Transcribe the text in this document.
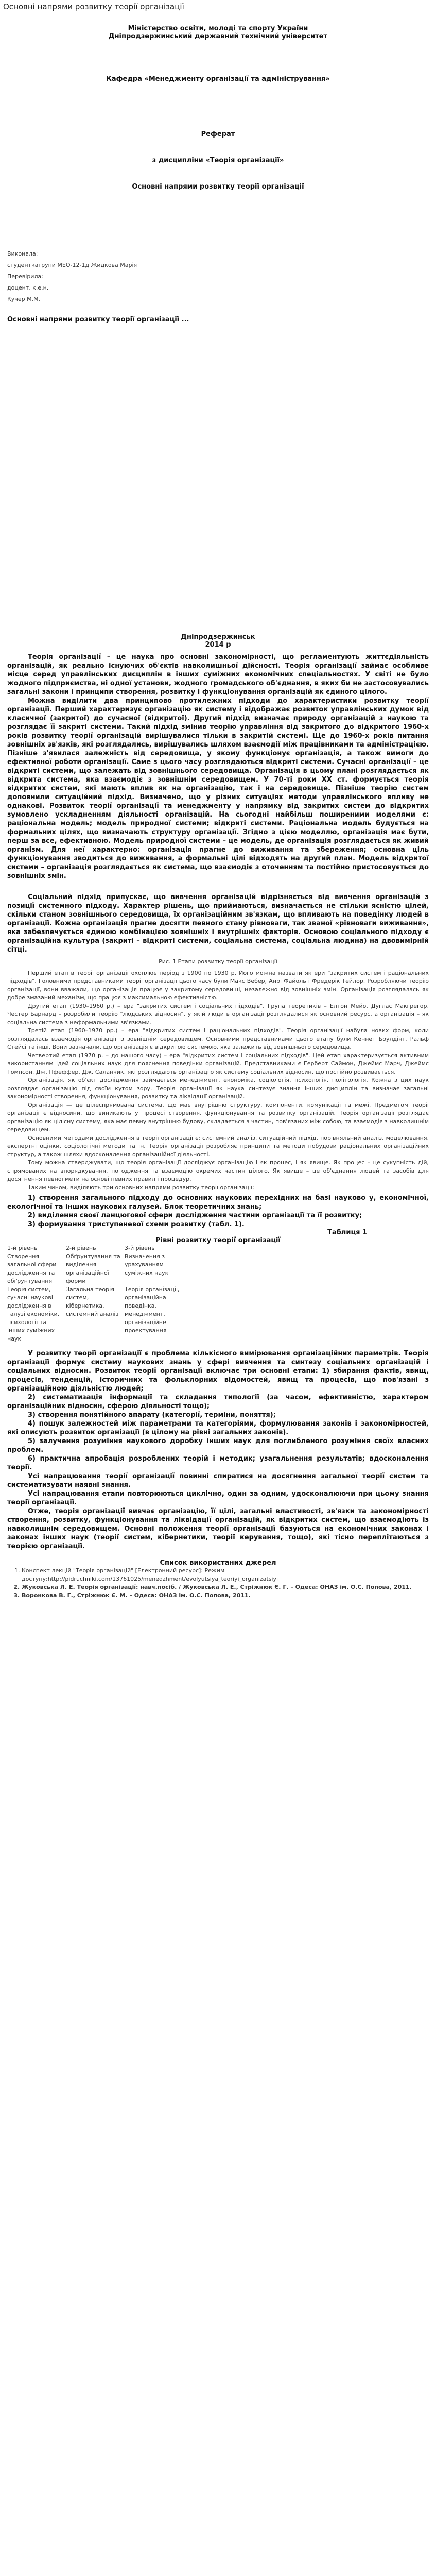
Основні напрями розвитку теорії організації

Міністерство освіти, молоді та спорту України

Дніпродзержинський державний технічний університет

Кафедра «Менеджменту організації та адміністрування»

Реферат

з дисципліни «Теорія організації»

Основні напрями розвитку теорії організації

Виконала:

студенткагрупи МЕО-12-1д Жидкова Марія

Перевірила:

доцент, к.е.н.

Кучер М.М.

Основні напрями розвитку теорії організації ...

Дніпродзержинськ

2014 р

Теорія організації – це наука про основні закономірності, що регламентують життєдіяльність організацій, як реально існуючих об'єктів навколишньої дійсності. Теорія організації займає особливе місце серед управлінських дисциплін в інших суміжних економічних спеціальностях. У світі не було жодного підприємства, ні одної установи, жодного громадського об'єднання, в яких би не застосовувались загальні закони і принципи створення, розвитку і функціонування організацій як єдиного цілого.

Можна виділити два принципово протилежних підходи до характеристики розвитку теорії організації. Перший характеризує організацію як систему і відображає розвиток управлінських думок від класичної (закритої) до сучасної (відкритої). Другий підхід визначає природу організацій з наукою та розглядає її закриті системи. Такий підхід змінив теорію управління від закритого до відкритого 1960-х років розвитку теорії організацій вирішувалися тільки в закритій системі. Ще до 1960-х років питання зовнішніх зв'язків, які розглядались, вирішувались шляхом взаємодії між працівниками та адміністрацією. Пізніше з'явилася залежність від середовища, у якому функціонує організація, а також вимоги до ефективної роботи організації. Саме з цього часу розглядаються відкриті системи. Сучасні організації – це відкриті системи, що залежать від зовнішнього середовища. Організація в цьому плані розглядається як відкрита система, яка взаємодіє з зовнішнім середовищем. У 70-ті роки XX ст. формується теорія відкритих систем, які мають вплив як на організацію, так і на середовище. Пізніше теорію систем доповнили ситуаційний підхід. Визначено, що у різних ситуаціях методи управлінського впливу не однакові. Розвиток теорії організації та менеджменту у напрямку від закритих систем до відкритих зумовлено ускладненням діяльності організацій. На сьогодні найбільш поширеними моделями є: раціональна модель; модель природної системи; відкриті системи. Раціональна модель будується на формальних цілях, що визначають структуру організації. Згідно з цією моделлю, організація має бути, перш за все, ефективною. Модель природної системи – це модель, де організація розглядається як живий організм. Для неї характерно: організація прагне до виживання та збереження; основна ціль функціонування зводиться до виживання, а формальні цілі відходять на другий план. Модель відкритої системи – організація розглядається як система, що взаємодіє з оточенням та постійно пристосовується до зовнішніх змін.

Соціальний підхід припускає, що вивчення організацій відрізняється від вивчення організацій з позиції системного підходу. Характер рішень, що приймаються, визначається не стільки ясністю цілей, скільки станом зовнішнього середовища, їх організаційним зв'язкам, що впливають на поведінку людей в організації. Кожна організація прагне досягти певного стану рівноваги, так званої «рівноваги виживання», яка забезпечується єдиною комбінацією зовнішніх і внутрішніх факторів. Основою соціального підходу є організаційна культура (закриті – відкриті системи, соціальна система, соціальна людина) на двовимірній сітці.

Рис. 1 Етапи розвитку теорії організації

Перший етап в теорії організації охоплює період з 1900 по 1930 р. Його можна назвати як ери "закритих систем і раціональних підходів". Головними представниками теорії організації цього часу були Макс Вебер, Анрі Файоль і Фредерік Тейлор. Розробляючи теорію організації, вони вважали, що організація працює у закритому середовищі, незалежно від зовнішніх змін. Організація розглядалась як добре змазаний механізм, що працює з максимальною ефективністю.

Другий етап (1930–1960 р.) – ера "закритих систем і соціальних підходів". Група теоретиків – Елтон Мейо, Дуглас Макгрегор, Честер Барнард – розробили теорію "людських відносин", у якій люди в організації розглядалися як основний ресурс, а організація – як соціальна система з неформальними зв'язками.

Третій етап (1960–1970 рр.) – ера "відкритих систем і раціональних підходів". Теорія організації набула нових форм, коли розглядалась взаємодія організації із зовнішнім середовищем. Основними представниками цього етапу були Кеннет Боулдінг, Ральф Стейсі та інші. Вони зазначали, що організація є відкритою системою, яка залежить від зовнішнього середовища.

Четвертий етап (1970 р. – до нашого часу) – ера "відкритих систем і соціальних підходів". Цей етап характеризується активним використанням ідей соціальних наук для пояснення поведінки організацій. Представниками є Герберт Саймон, Джеймс Марч, Джеймс Томпсон, Дж. Пфеффер, Дж. Саланчик, які розглядають організацію як систему соціальних відносин, що постійно розвивається.

Організація, як об'єкт дослідження займається менеджмент, економіка, соціологія, психологія, політологія. Кожна з цих наук розглядає організацію під своїм кутом зору. Теорія організації як наука синтезує знання інших дисциплін та визначає загальні закономірності створення, функціонування, розвитку та ліквідації організацій.

Організація — це цілеспрямована система, що має внутрішню структуру, компоненти, комунікації та межі. Предметом теорії організації є відносини, що виникають у процесі створення, функціонування та розвитку організацій. Теорія організації розглядає організацію як цілісну систему, яка має певну внутрішню будову, складається з частин, пов'язаних між собою, та взаємодіє з навколишнім середовищем.

Основними методами дослідження в теорії організації є: системний аналіз, ситуаційний підхід, порівняльний аналіз, моделювання, експертні оцінки, соціологічні методи та ін. Теорія організації розробляє принципи та методи побудови раціональних організаційних структур, а також шляхи вдосконалення організаційної діяльності.

Тому можна стверджувати, що теорія організації досліджує організацію і як процес, і як явище. Як процес – це сукупність дій, спрямованих на впорядкування, погодження та взаємодію окремих частин цілого. Як явище – це об'єднання людей та засобів для досягнення певної мети на основі певних правил і процедур.

Таким чином, виділяють три основних напрями розвитку теорії організації:

1) створення загального підходу до основних наукових перехідних на базі науково у, економічної, екологічної та інших наукових галузей. Блок теоретичних знань;

2) виділення своєї ланцюгової сфери дослідження частини організації та її розвитку;

3) формування триступеневої схеми розвитку (табл. 1).

Таблиця 1

Рівні розвитку теорії організації

1-й рівень	2-й рівень	3-й рівень
Створення загальної сфери дослідження та обґрунтування	Обґрунтування та виділення організаційної форми	Визначення з урахуванням суміжних наук
Теорія систем, сучасні наукові дослідження в галузі економіки, психології та інших суміжних наук	Загальна теорія систем, кібернетика, системний аналіз	Теорія організації, організаційна поведінка, менеджмент, організаційне проектування

У розвитку теорії організації є проблема кількісного вимірювання організаційних параметрів. Теорія організації формує систему наукових знань у сфері вивчення та синтезу соціальних організацій і соціальних відносин. Розвиток теорії організації включає три основні етапи: 1) збирання фактів, явищ, процесів, тенденцій, історичних та фольклорних відомостей, явищ та процесів, що пов'язані з організаційною діяльністю людей;

2) систематизація інформації та складання типології (за часом, ефективністю, характером організаційних відносин, сферою діяльності тощо);

3) створення понятійного апарату (категорії, терміни, поняття);

4) пошук залежностей між параметрами та категоріями, формулювання законів і закономірностей, які описують розвиток організації (в цілому на рівні загальних законів).

5) залучення розуміння наукового доробку інших наук для поглибленого розуміння своїх власних проблем.

6) практична апробація розроблених теорій і методик; узагальнення результатів; вдосконалення теорії.

Усі напрацювання теорії організації повинні спиратися на досягнення загальної теорії систем та систематизувати наявні знання.

Усі напрацювання етапи повторюються циклічно, один за одним, удосконалюючи при цьому знання теорії організації.

Отже, теорія організації вивчає організацію, її цілі, загальні властивості, зв'язки та закономірності створення, розвитку, функціонування та ліквідації організацій, як відкритих систем, що взаємодіють із навколишнім середовищем. Основні положення теорії організації базуються на економічних законах і законах інших наук (теорії систем, кібернетики, теорії керування, тощо), які тісно переплітаються з теорією організації.

Список використаних джерел

1. Конспект лекцій "Теорія організацій" [Електронний ресурс]: Режим доступу:http://pidruchniki.com/13761025/menedzhment/evolyutsiya_teoriyi_organizatsiyi
2. Жуковська Л. Е. Теорія організації: навч.посіб. / Жуковська Л. Е., Стріжнюк Є. Г. – Одеса: ОНАЗ ім. О.С. Попова, 2011.
3. Воронкова В. Г., Стріжнюк Є. М. – Одеса: ОНАЗ ім. О.С. Попова, 2011.
